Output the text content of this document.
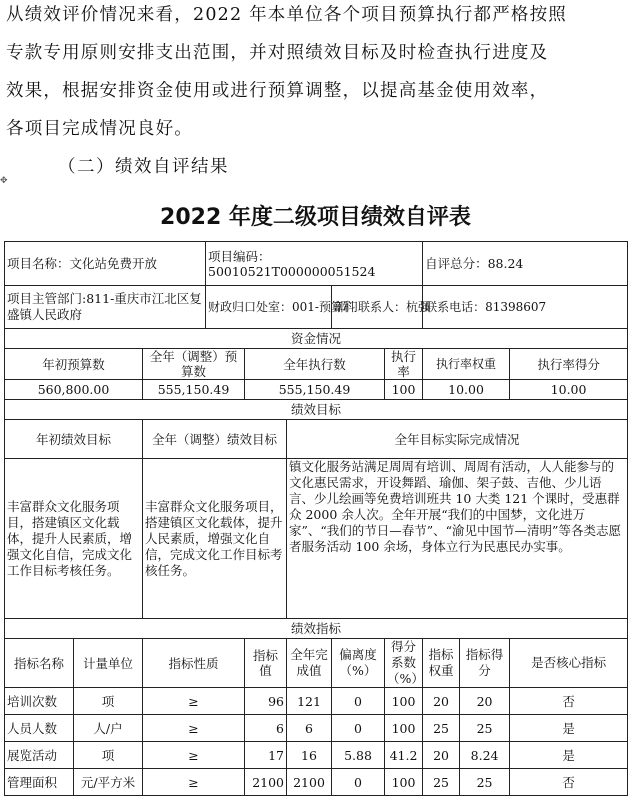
从绩效评价情况来看，2022 年本单位各个项目预算执行都严格按照
专款专用原则安排支出范围，并对照绩效目标及时检查执行进度及
效果，根据安排资金使用或进行预算调整，以提高基金使用效率，
各项目完成情况良好。
（二）绩效自评结果
✥
2022 年度二级项目绩效自评表
项目名称：文化站免费开放			项目编码：50010521T000000051524					自评总分：88.24		
项目主管部门:811-重庆市江北区复盛镇人民政府			财政归口处室：001-预算科			部门联系人：杭强		联系电话：81398607		
资金情况										
年初预算数		全年（调整）预算数		全年执行数			执行率	执行率权重		执行率得分
560,800.00		555,150.49		555,150.49			100	10.00		10.00
绩效目标										
年初绩效目标		全年（调整）绩效目标			全年目标实际完成情况					
丰富群众文化服务项目，搭建镇区文化载体，提升人民素质，增强文化自信，完成文化工作目标考核任务。		丰富群众文化服务项目，搭建镇区文化载体，提升人民素质，增强文化自信，完成文化工作目标考核任务。			镇文化服务站满足周周有培训、周周有活动，人人能参与的文化惠民需求，开设舞蹈、瑜伽、架子鼓、吉他、少儿语言、少儿绘画等免费培训班共 10 大类 121 个课时，受惠群众 2000 余人次。全年开展“我们的中国梦，文化进万家”、“我们的节日—春节”、“渝见中国节—清明”等各类志愿者服务活动 100 余场，身体立行为民惠民办实事。					
绩效指标										
指标名称	计量单位	指标性质		指标值	全年完成值	偏离度（%）	得分系数（%）	指标权重	指标得分	是否核心指标
培训次数	项	≥		96	121	0	100	20	20	否
人员人数	人/户	≥		6	6	0	100	25	25	是
展览活动	项	≥		17	16	5.88	41.2	20	8.24	是
管理面积	元/平方米	≥		2100	2100	0	100	25	25	否
